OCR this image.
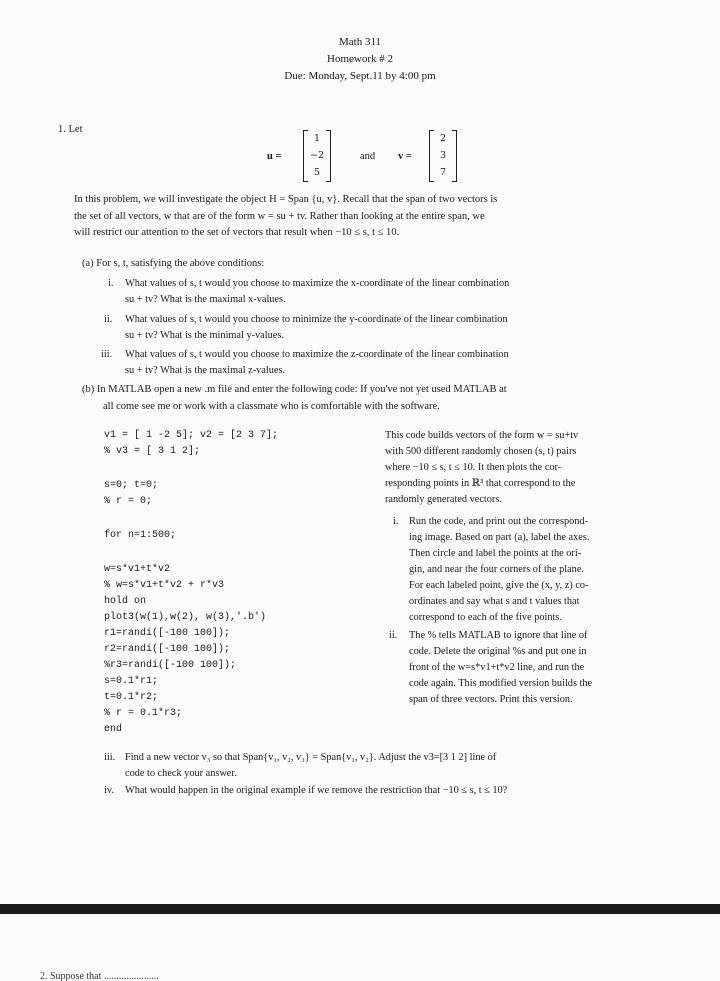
Math 311
Homework # 2
Due: Monday, Sept.11 by 4:00 pm
1. Let
u =
1
−2
5
and v =
2
3
7
In this problem, we will investigate the object H = Span {u, v}. Recall that the span of two vectors is
the set of all vectors, w that are of the form w = su + tv. Rather than looking at the entire span, we
will restrict our attention to the set of vectors that result when −10 ≤ s, t ≤ 10.
(a) For s, t, satisfying the above conditions:
i. What values of s, t would you choose to maximize the x-coordinate of the linear combination
su + tv? What is the maximal x-values.
ii. What values of s, t would you choose to minimize the y-coordinate of the linear combination
su + tv? What is the minimal y-values.
iii. What values of s, t would you choose to maximize the z-coordinate of the linear combination
su + tv? What is the maximal z-values.
(b) In MATLAB open a new .m file and enter the following code: If you've not yet used MATLAB at
all come see me or work with a classmate who is comfortable with the software.
v1 = [ 1 -2 5]; v2 = [2 3 7];
% v3 = [ 3 1 2];
s=0; t=0;
% r = 0;
for n=1:500;
w=s*v1+t*v2
% w=s*v1+t*v2 + r*v3
hold on
plot3(w(1),w(2), w(3),'.b')
r1=randi([-100 100]);
r2=randi([-100 100]);
%r3=randi([-100 100]);
s=0.1*r1;
t=0.1*r2;
% r = 0.1*r3;
end
This code builds vectors of the form w = su+tv
with 500 different randomly chosen (s, t) pairs
where −10 ≤ s, t ≤ 10. It then plots the cor-
responding points in ℝ³ that correspond to the
randomly generated vectors.
i. Run the code, and print out the correspond-
ing image. Based on part (a), label the axes.
Then circle and label the points at the ori-
gin, and near the four corners of the plane.
For each labeled point, give the (x, y, z) co-
ordinates and say what s and t values that
correspond to each of the five points.
ii. The % tells MATLAB to ignore that line of
code. Delete the original %s and put one in
front of the w=s*v1+t*v2 line, and run the
code again. This modified version builds the
span of three vectors. Print this version.
iii. Find a new vector v₃ so that Span{v₁, v₂, v₃} = Span{v₁, v₂}. Adjust the v3=[3 1 2] line of
code to check your answer.
iv. What would happen in the original example if we remove the restriction that −10 ≤ s, t ≤ 10?
2. Suppose that ......................
